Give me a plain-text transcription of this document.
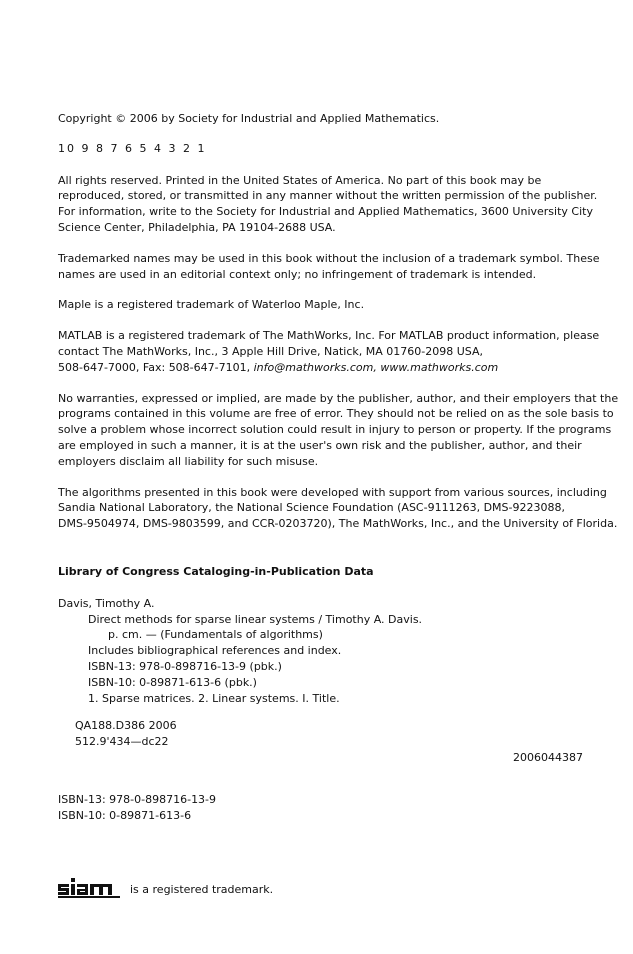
Copyright © 2006 by Society for Industrial and Applied Mathematics.

10 9 8 7 6 5 4 3 2 1

All rights reserved. Printed in the United States of America. No part of this book may be
reproduced, stored, or transmitted in any manner without the written permission of the publisher.
For information, write to the Society for Industrial and Applied Mathematics, 3600 University City
Science Center, Philadelphia, PA 19104-2688 USA.
Trademarked names may be used in this book without the inclusion of a trademark symbol. These
names are used in an editorial context only; no infringement of trademark is intended.
Maple is a registered trademark of Waterloo Maple, Inc.
MATLAB is a registered trademark of The MathWorks, Inc. For MATLAB product information, please
contact The MathWorks, Inc., 3 Apple Hill Drive, Natick, MA 01760-2098 USA,
508-647-7000, Fax: 508-647-7101, info@mathworks.com, www.mathworks.com
No warranties, expressed or implied, are made by the publisher, author, and their employers that the
programs contained in this volume are free of error. They should not be relied on as the sole basis to
solve a problem whose incorrect solution could result in injury to person or property. If the programs
are employed in such a manner, it is at the user's own risk and the publisher, author, and their
employers disclaim all liability for such misuse.
The algorithms presented in this book were developed with support from various sources, including
Sandia National Laboratory, the National Science Foundation (ASC-9111263, DMS-9223088,
DMS-9504974, DMS-9803599, and CCR-0203720), The MathWorks, Inc., and the University of Florida.

Library of Congress Cataloging-in-Publication Data

Davis, Timothy A.
Direct methods for sparse linear systems / Timothy A. Davis.
p. cm. — (Fundamentals of algorithms)
Includes bibliographical references and index.
ISBN-13: 978-0-898716-13-9 (pbk.)
ISBN-10: 0-89871-613-6 (pbk.)
1. Sparse matrices. 2. Linear systems. I. Title.
QA188.D386 2006
512.9'434—dc22
2006044387
ISBN-13: 978-0-898716-13-9
ISBN-10: 0-89871-613-6
is a registered trademark.
